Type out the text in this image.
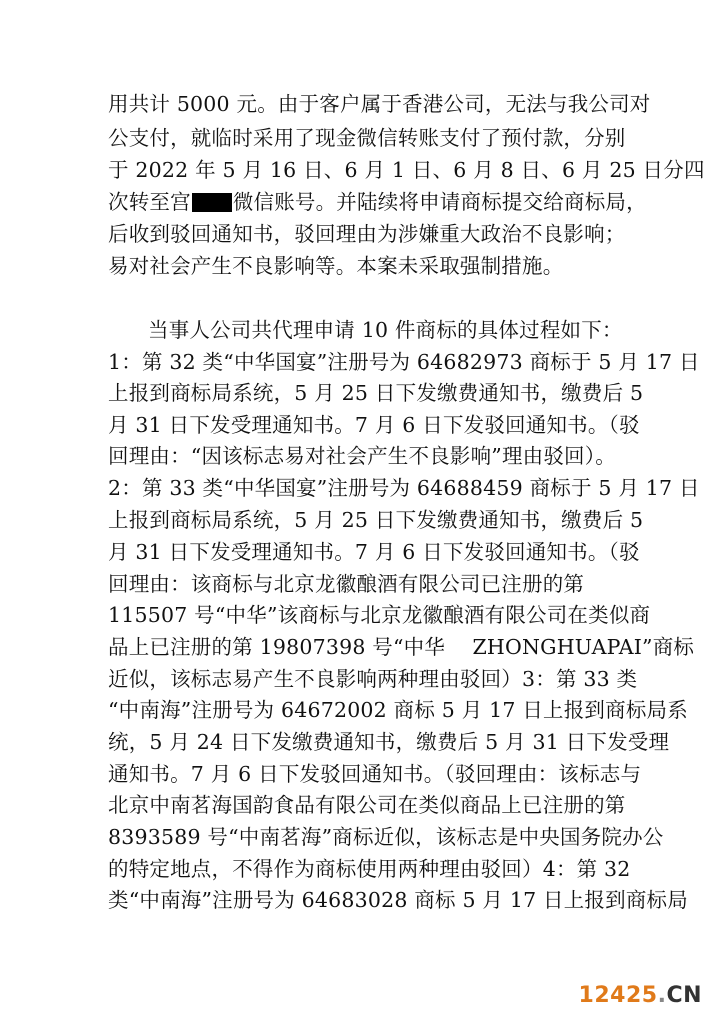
用共计 5000 元。由于客户属于香港公司，无法与我公司对
公支付，就临时采用了现金微信转账支付了预付款，分别
于 2022 年 5 月 16 日、6 月 1 日、6 月 8 日、6 月 25 日分四
次转至宫 微信账号。并陆续将申请商标提交给商标局，
后收到驳回通知书，驳回理由为涉嫌重大政治不良影响；
易对社会产生不良影响等。本案未采取强制措施。
当事人公司共代理申请 10 件商标的具体过程如下：
1：第 32 类“中华国宴”注册号为 64682973 商标于 5 月 17 日
上报到商标局系统，5 月 25 日下发缴费通知书，缴费后 5
月 31 日下发受理通知书。7 月 6 日下发驳回通知书。（驳
回理由：“因该标志易对社会产生不良影响”理由驳回）。
2：第 33 类“中华国宴”注册号为 64688459 商标于 5 月 17 日
上报到商标局系统，5 月 25 日下发缴费通知书，缴费后 5
月 31 日下发受理通知书。7 月 6 日下发驳回通知书。（驳
回理由：该商标与北京龙徽酿酒有限公司已注册的第
115507 号“中华”该商标与北京龙徽酿酒有限公司在类似商
品上已注册的第 19807398 号“中华　 ZHONGHUAPAI”商标
近似，该标志易产生不良影响两种理由驳回）3：第 33 类
“中南海”注册号为 64672002 商标 5 月 17 日上报到商标局系
统，5 月 24 日下发缴费通知书，缴费后 5 月 31 日下发受理
通知书。7 月 6 日下发驳回通知书。（驳回理由：该标志与
北京中南茗海国韵食品有限公司在类似商品上已注册的第
8393589 号“中南茗海”商标近似，该标志是中央国务院办公
的特定地点，不得作为商标使用两种理由驳回）4：第 32
类“中南海”注册号为 64683028 商标 5 月 17 日上报到商标局
12425.CN
